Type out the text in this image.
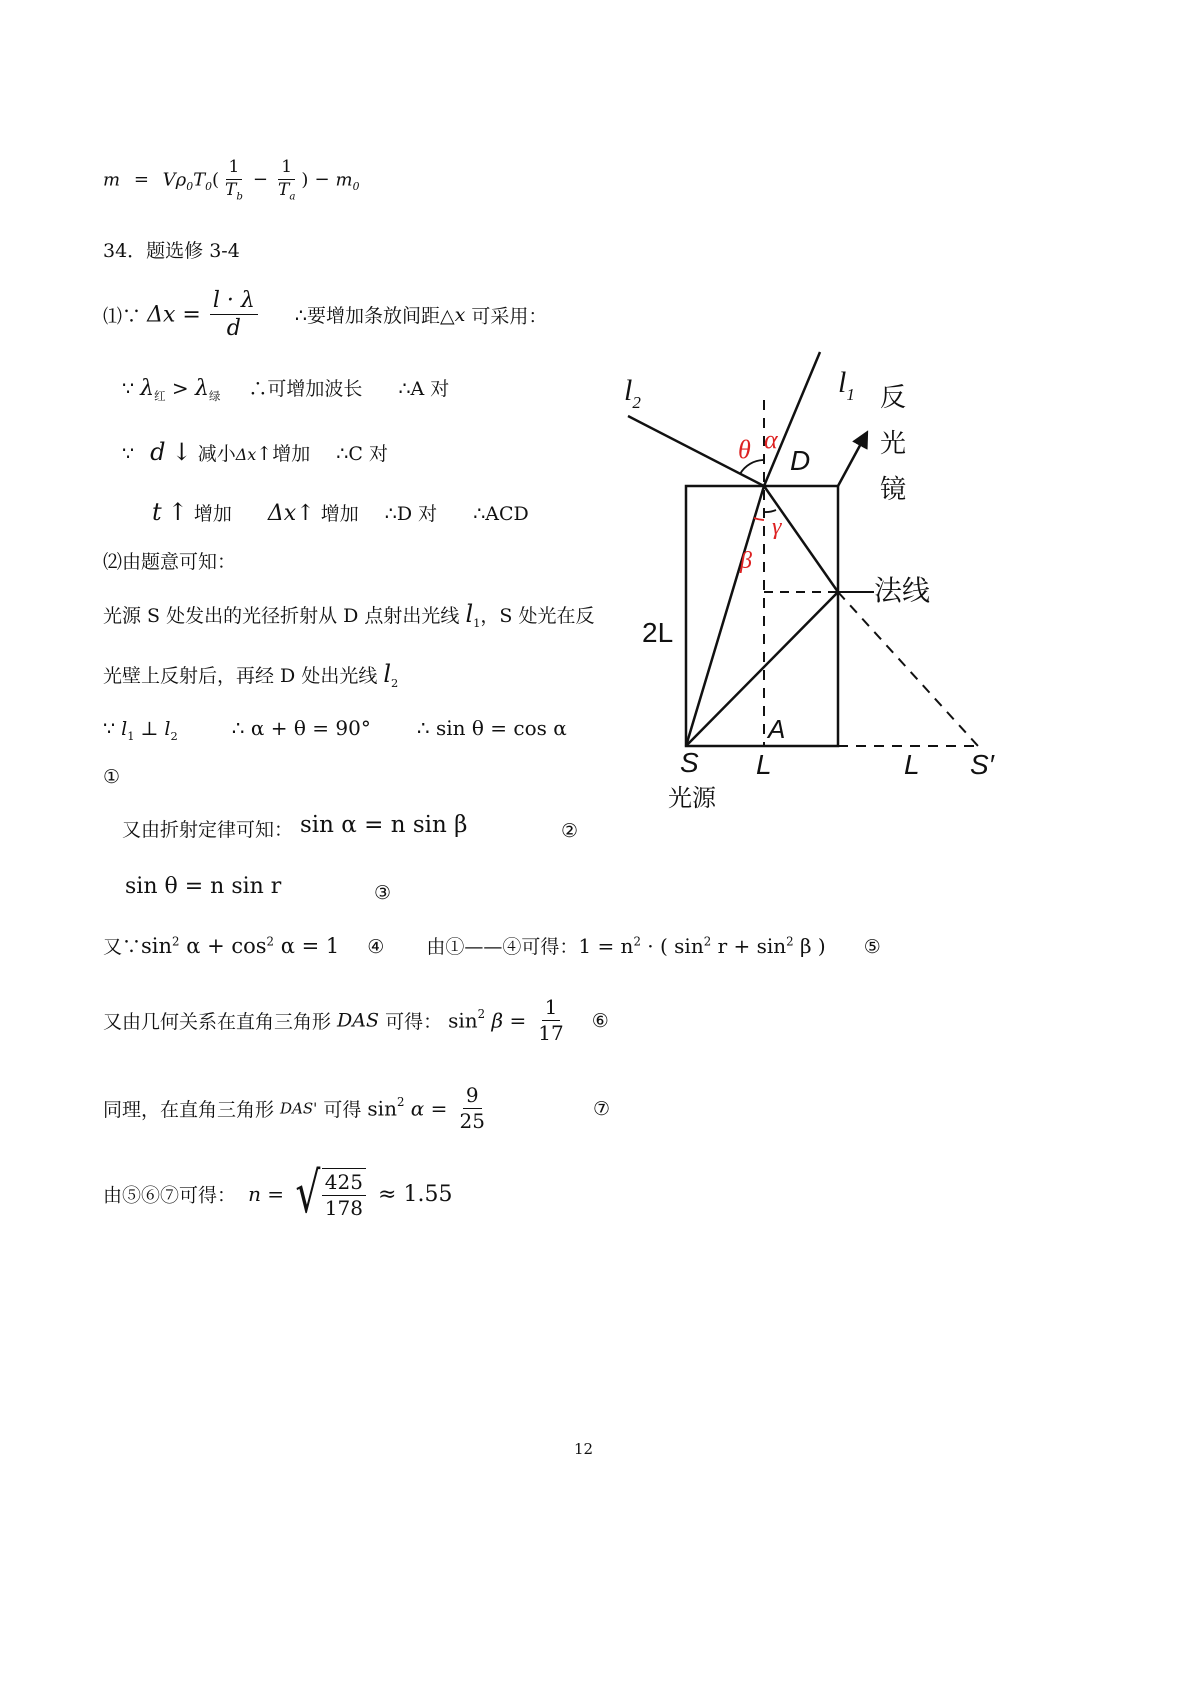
$m = V\rho_0T_0( \frac{1}{T_b} - \frac{1}{T_a}$ ) − $m_0$
34．题选修 3-4
⑴∵ $\Delta x = \frac{l \cdot \lambda}{d}$ ∴要增加条放间距△x 可采用：
∵ $\lambda_红 > \lambda_绿$ ∴可增加波长 ∴A 对
∵ d ↓ 减小Δx↑增加 ∴C 对
t ↑ 增加 Δx↑ 增加 ∴D 对 ∴ACD
⑵由题意可知：
光源 S 处发出的光径折射从 D 点射出光线 $l_1$，S 处光在反
光壁上反射后，再经 D 处出光线 $l_2$
∵ $l_1$ ⊥ $l_2$	∴ α + θ = 90° ∴ sin θ = cos α
①
又由折射定律可知： sin α = n sin β	②
sin θ = n sin r	③
又$\because\sin^2$ $\alpha + \cos^2 \alpha = 1$ ④ 由①——④可得：$1 = n^2$ · ( $\sin^2 r + \sin^2 \beta$ ) ⑤
又由几何关系在直角三角形 DAS 可得： $\sin^2 \beta = \frac{1}{17}$ ⑥
同理，在直角三角形 DAS' 可得 $\sin^2 \alpha = \frac{9}{25}$	⑦
由⑤⑥⑦可得： n = √ $\frac{425}{178} \approx 1.55$
$l_2$
$l_1$ 反
光
镜
θ α
D
γ
β
法线
2L
A
S L	L S′
光源
12
